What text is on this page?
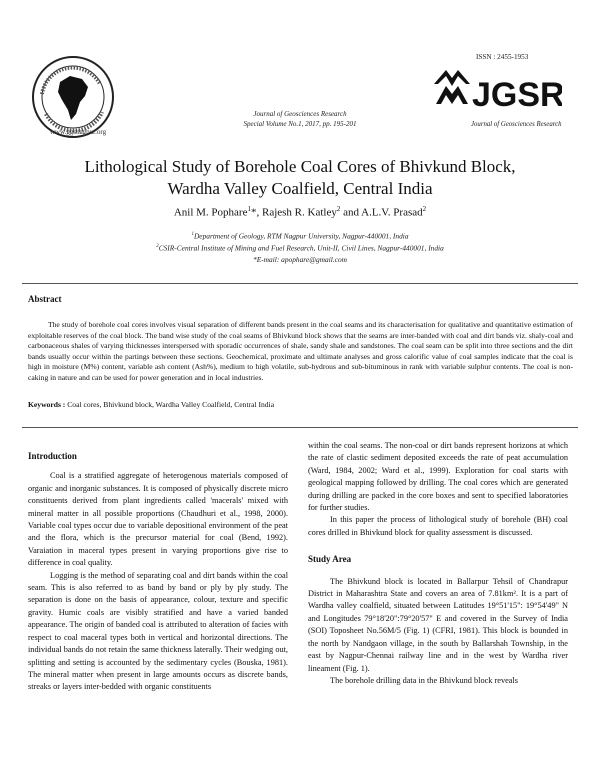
www.ggsnagpur.org
Journal of Geosciences Research
Special Volume No.1, 2017, pp. 195-201
ISSN : 2455-1953
JGSR
Journal of Geosciences Research
Lithological Study of Borehole Coal Cores of Bhivkund Block,
Wardha Valley Coalfield, Central India
Anil M. Pophare$^1$*, Rajesh R. Katley$^2$ and A.L.V. Prasad$^2$
$^1$Department of Geology, RTM Nagpur University, Nagpur-440001, India
$^2$CSIR-Central Institute of Mining and Fuel Research, Unit-II, Civil Lines, Nagpur-440001, India
*E-mail: apophare@gmail.com
Abstract
The study of borehole coal cores involves visual separation of different bands present in the coal seams and its characterisation for qualitative and quantitative estimation of exploitable reserves of the coal block. The band wise study of the coal seams of Bhivkund block shows that the seams are inter-banded with coal and dirt bands viz. shaly-coal and carbonaceous shales of varying thicknesses interspersed with sporadic occurrences of shale, sandy shale and sandstones. The coal seam can be split into three sections and the dirt bands usually occur within the partings between these sections. Geochemical, proximate and ultimate analyses and gross calorific value of coal samples indicate that the coal is high in moisture (M%) content, variable ash content (Ash%), medium to high volatile, sub-hydrous and sub-bituminous in rank with variable sulphur contents. The coal is non-caking in nature and can be used for power generation and in local industries.
Keywords : Coal cores, Bhivkund block, Wardha Valley Coalfield, Central India
Introduction

Coal is a stratified aggregate of heterogenous materials composed of organic and inorganic substances. It is composed of physically discrete micro constituents derived from plant ingredients called 'macerals' mixed with mineral matter in all possible proportions (Chaudhuri et al., 1998, 2000). Variable coal types occur due to variable depositional environment of the peat and the flora, which is the precursor material for coal (Bend, 1992). Varaiation in maceral types present in varying proportions give rise to difference in coal quality.

Logging is the method of separating coal and dirt bands within the coal seam. This is also referred to as band by band or ply by ply study. The separation is done on the basis of appearance, colour, texture and specific gravity. Humic coals are visibly stratified and have a varied banded appearance. The origin of banded coal is attributed to alteration of facies with respect to coal maceral types both in vertical and horizontal directions. The individual bands do not retain the same thickness laterally. Their wedging out, splitting and setting is accounted by the sedimentary cycles (Bouska, 1981). The mineral matter when present in large amounts occurs as discrete bands, streaks or layers inter-bedded with organic constituents

within the coal seams. The non-coal or dirt bands represent horizons at which the rate of clastic sediment deposited exceeds the rate of peat accumulation (Ward, 1984, 2002; Ward et al., 1999). Exploration for coal starts with geological mapping followed by drilling. The coal cores which are generated during drilling are packed in the core boxes and sent to specified laboratories for further studies.

In this paper the process of lithological study of borehole (BH) coal cores drilled in Bhivkund block for quality assessment is discussed.

Study Area

The Bhivkund block is located in Ballarpur Tehsil of Chandrapur District in Maharashtra State and covers an area of 7.81km². It is a part of Wardha valley coalfield, situated between Latitudes 19°51'15": 19°54'49" N and Longitudes 79°18'20":79°20'57" E and covered in the Survey of India (SOI) Toposheet No.56M/5 (Fig. 1) (CFRI, 1981). This block is bounded in the north by Nandgaon village, in the south by Ballarshah Township, in the east by Nagpur-Chennai railway line and in the west by Wardha river lineament (Fig. 1).

The borehole drilling data in the Bhivkund block reveals
